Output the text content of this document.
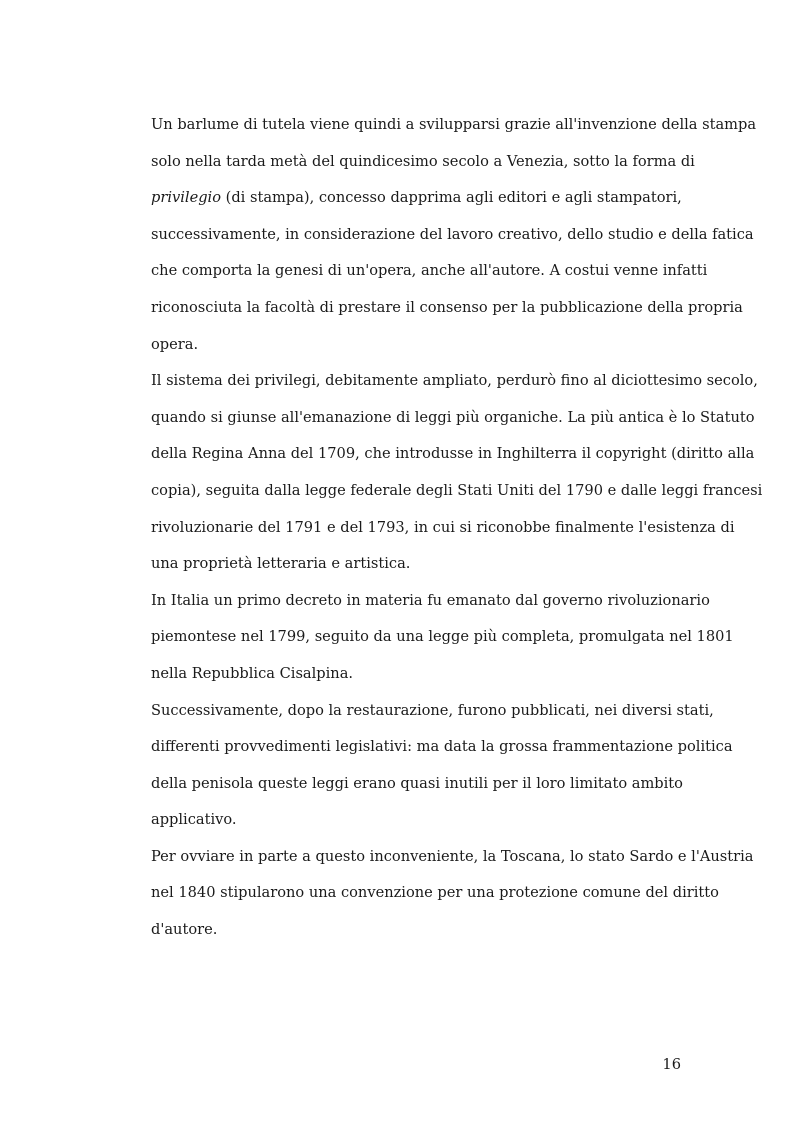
Un barlume di tutela viene quindi a svilupparsi grazie all'invenzione della stampa
solo nella tarda metà del quindicesimo secolo a Venezia, sotto la forma di
privilegio (di stampa), concesso dapprima agli editori e agli stampatori,
successivamente, in considerazione del lavoro creativo, dello studio e della fatica
che comporta la genesi di un'opera, anche all'autore. A costui venne infatti
riconosciuta la facoltà di prestare il consenso per la pubblicazione della propria
opera.
Il sistema dei privilegi, debitamente ampliato, perdurò fino al diciottesimo secolo,
quando si giunse all'emanazione di leggi più organiche. La più antica è lo Statuto
della Regina Anna del 1709, che introdusse in Inghilterra il copyright (diritto alla
copia), seguita dalla legge federale degli Stati Uniti del 1790 e dalle leggi francesi
rivoluzionarie del 1791 e del 1793, in cui si riconobbe finalmente l'esistenza di
una proprietà letteraria e artistica.
In Italia un primo decreto in materia fu emanato dal governo rivoluzionario
piemontese nel 1799, seguito da una legge più completa, promulgata nel 1801
nella Repubblica Cisalpina.
Successivamente, dopo la restaurazione, furono pubblicati, nei diversi stati,
differenti provvedimenti legislativi: ma data la grossa frammentazione politica
della penisola queste leggi erano quasi inutili per il loro limitato ambito
applicativo.
Per ovviare in parte a questo inconveniente, la Toscana, lo stato Sardo e l'Austria
nel 1840 stipularono una convenzione per una protezione comune del diritto
d'autore.
16
